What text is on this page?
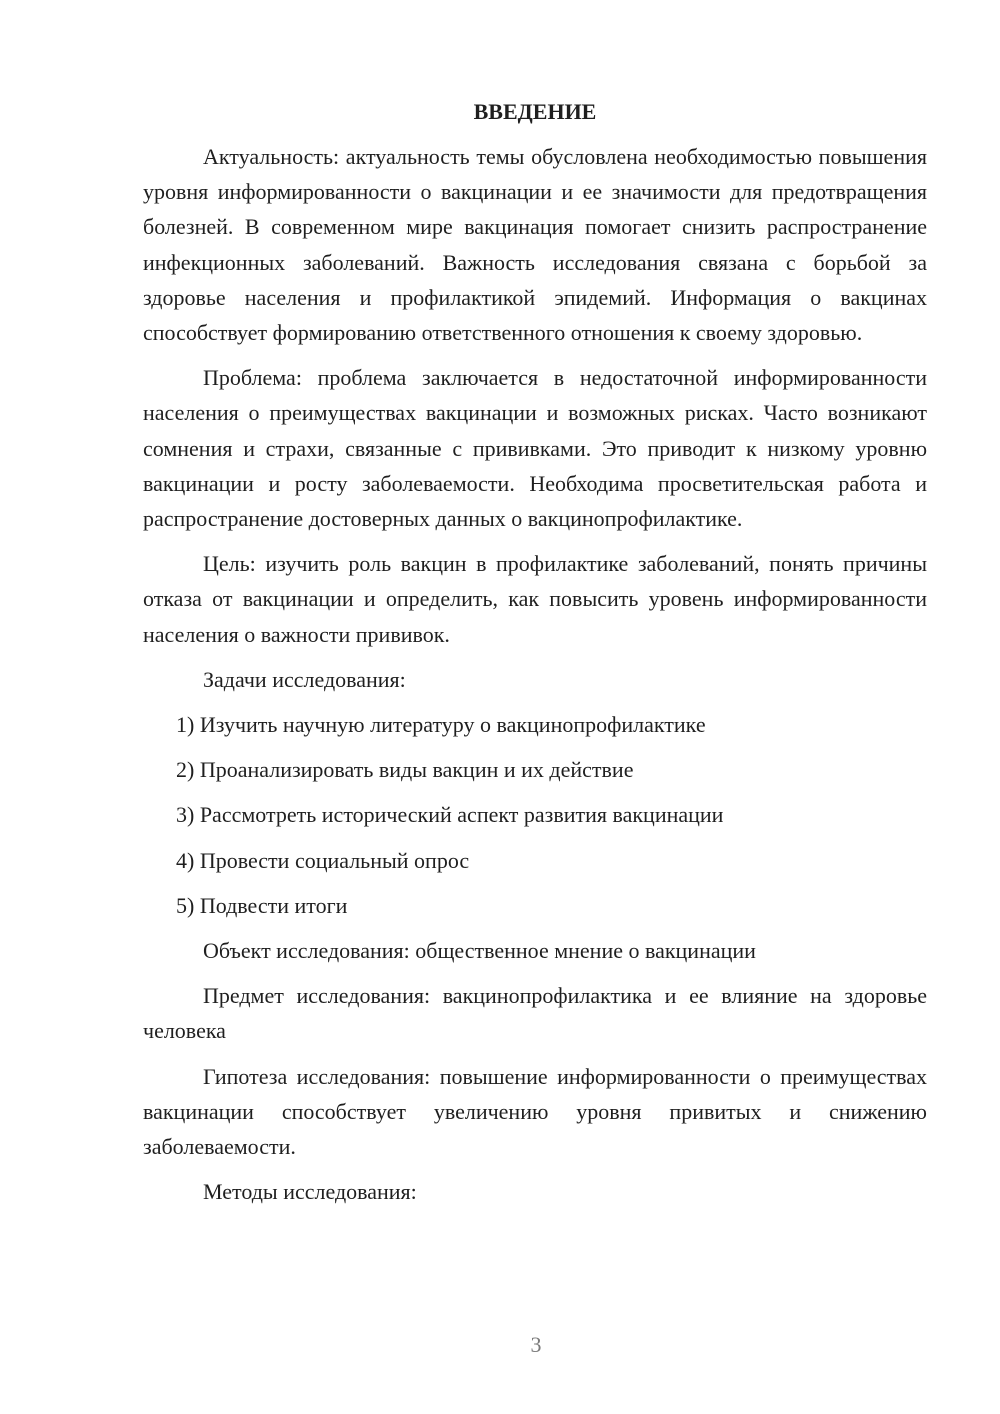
ВВЕДЕНИЕ

Актуальность: актуальность темы обусловлена необходимостью повышения уровня информированности о вакцинации и ее значимости для предотвращения болезней. В современном мире вакцинация помогает снизить распространение инфекционных заболеваний. Важность исследования связана с борьбой за здоровье населения и профилактикой эпидемий. Информация о вакцинах способствует формированию ответственного отношения к своему здоровью.

Проблема: проблема заключается в недостаточной информированности населения о преимуществах вакцинации и возможных рисках. Часто возникают сомнения и страхи, связанные с прививками. Это приводит к низкому уровню вакцинации и росту заболеваемости. Необходима просветительская работа и распространение достоверных данных о вакцинопрофилактике.

Цель: изучить роль вакцин в профилактике заболеваний, понять причины отказа от вакцинации и определить, как повысить уровень информированности населения о важности прививок.

Задачи исследования:

1) Изучить научную литературу о вакцинопрофилактике
2) Проанализировать виды вакцин и их действие
3) Рассмотреть исторический аспект развития вакцинации
4) Провести социальный опрос
5) Подвести итоги

Объект исследования: общественное мнение о вакцинации

Предмет исследования: вакцинопрофилактика и ее влияние на здоровье человека

Гипотеза исследования: повышение информированности о преимуществах вакцинации способствует увеличению уровня привитых и снижению заболеваемости.

Методы исследования:

3
